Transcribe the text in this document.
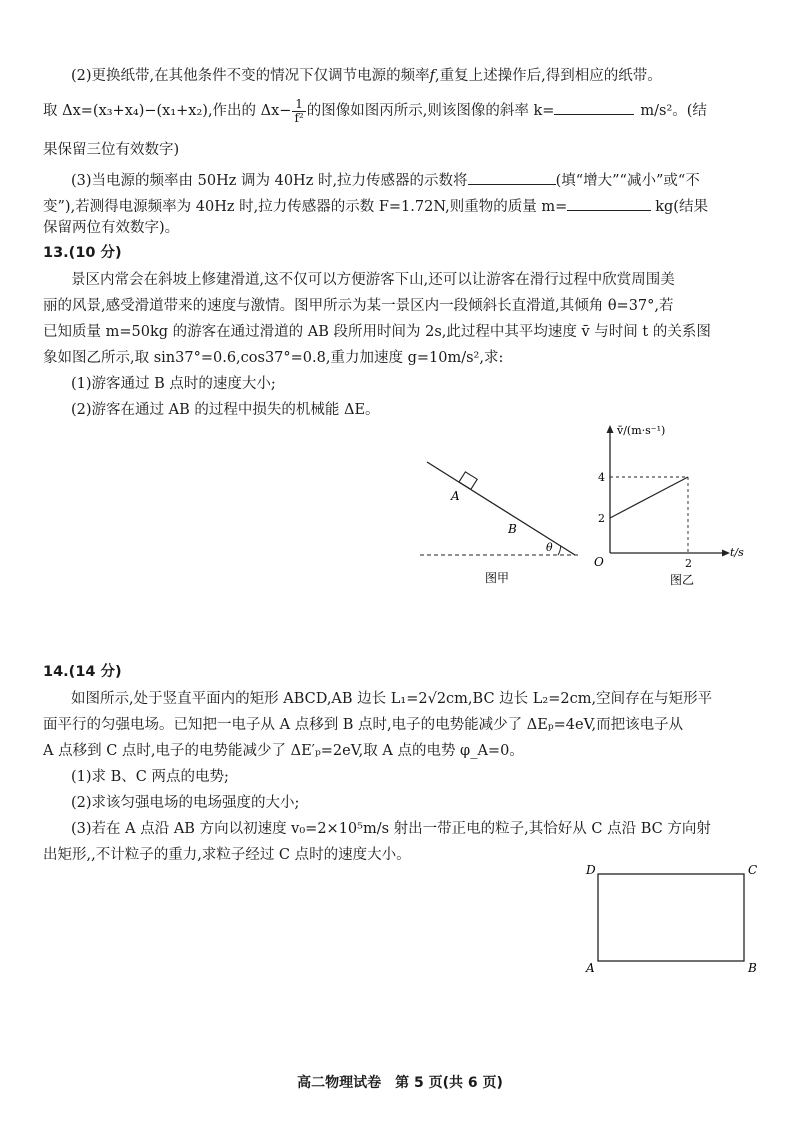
(2)更换纸带,在其他条件不变的情况下仅调节电源的频率f,重复上述操作后,得到相应的纸带。
取 Δx=(x₃+x₄)−(x₁+x₂),作出的 $\Delta x- \frac{1}{\text{f²}}$ 的图像如图丙所示,则该图像的斜率 k=	m/s²。(结
果保留三位有效数字)
(3)当电源的频率由 50Hz 调为 40Hz 时,拉力传感器的示数将	(填“增大”“减小”或“不
变”),若测得电源频率为 40Hz 时,拉力传感器的示数 F=1.72N,则重物的质量 m=	kg(结果
保留两位有效数字)。
13.(10 分)
景区内常会在斜坡上修建滑道,这不仅可以方便游客下山,还可以让游客在滑行过程中欣赏周围美
丽的风景,感受滑道带来的速度与激情。图甲所示为某一景区内一段倾斜长直滑道,其倾角 θ=37°,若
已知质量 m=50kg 的游客在通过滑道的 AB 段所用时间为 2s,此过程中其平均速度 v̄ 与时间 t 的关系图
象如图乙所示,取 sin37°=0.6,cos37°=0.8,重力加速度 g=10m/s²,求:
(1)游客通过 B 点时的速度大小;
(2)游客在通过 AB 的过程中损失的机械能 ΔE。
A
B
θ
图甲
v̄/(m·s⁻¹)
t/s
O
4
2
2
图乙
14.(14 分)
如图所示,处于竖直平面内的矩形 ABCD,AB 边长 L₁=2√2cm,BC 边长 L₂=2cm,空间存在与矩形平
面平行的匀强电场。已知把一电子从 A 点移到 B 点时,电子的电势能减少了 ΔEₚ=4eV,而把该电子从
A 点移到 C 点时,电子的电势能减少了 ΔE′ₚ=2eV,取 A 点的电势 φ_A=0。
(1)求 B、C 两点的电势;
(2)求该匀强电场的电场强度的大小;
(3)若在 A 点沿 AB 方向以初速度 v₀=2×10⁵m/s 射出一带正电的粒子,其恰好从 C 点沿 BC 方向射
出矩形,,不计粒子的重力,求粒子经过 C 点时的速度大小。
D	C
A	B
高二物理试卷　第 5 页(共 6 页)
